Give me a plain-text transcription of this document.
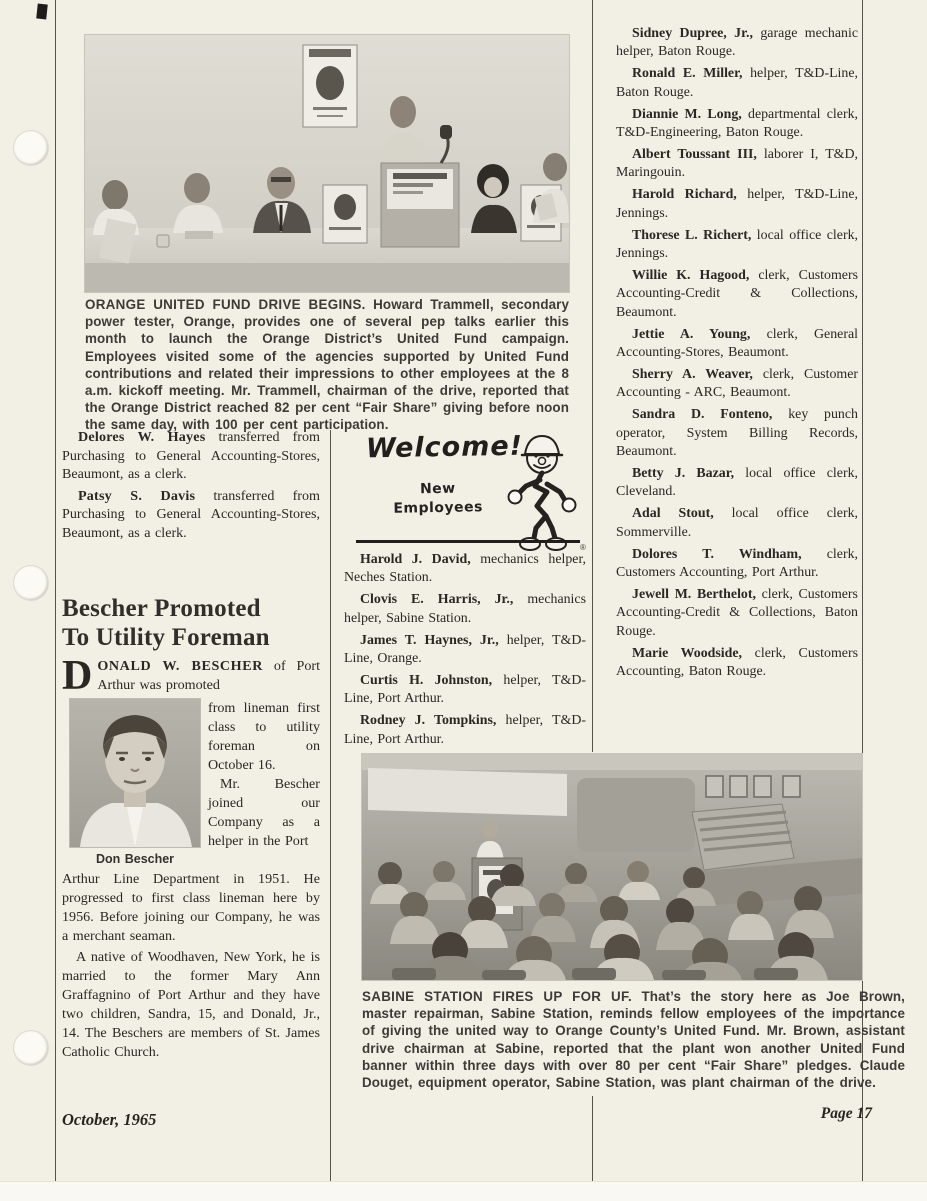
ORANGE UNITED FUND DRIVE BEGINS. Howard Trammell, secondary power tester, Orange, provides one of several pep talks earlier this month to launch the Orange District’s United Fund campaign. Employees visited some of the agencies supported by United Fund contributions and related their impressions to other employees at the 8 a.m. kickoff meeting. Mr. Trammell, chairman of the drive, reported that the Orange District reached 82 per cent “Fair Share” giving before noon the same day, with 100 per cent participation.

Delores W. Hayes transferred from Purchasing to General Accounting-Stores, Beaumont, as a clerk.

Patsy S. Davis transferred from Purchasing to General Accounting-Stores, Beaumont, as a clerk.

Bescher Promoted
To Utility Foreman
D ONALD W. BESCHER of Port Arthur was promoted
Don Bescher

from lineman first class to utility foreman on October 16.

Mr. Bescher joined our Company as a helper in the Port

Arthur Line Department in 1951. He progressed to first class lineman here by 1956. Before joining our Company, he was a merchant seaman.

A native of Woodhaven, New York, he is married to the former Mary Ann Graffagnino of Port Arthur and they have two children, Sandra, 15, and Donald, Jr., 14. The Beschers are members of St. James Catholic Church.

Welcome!
New
Employees
®

Harold J. David, mechanics helper, Neches Station.

Clovis E. Harris, Jr., mechanics helper, Sabine Station.

James T. Haynes, Jr., helper, T&D-Line, Orange.

Curtis H. Johnston, helper, T&D-Line, Port Arthur.

Rodney J. Tompkins, helper, T&D-Line, Port Arthur.

Sidney Dupree, Jr., garage mechanic helper, Baton Rouge.

Ronald E. Miller, helper, T&D-Line, Baton Rouge.

Diannie M. Long, departmental clerk, T&D-Engineering, Baton Rouge.

Albert Toussant III, laborer I, T&D, Maringouin.

Harold Richard, helper, T&D-Line, Jennings.

Thorese L. Richert, local office clerk, Jennings.

Willie K. Hagood, clerk, Customers Accounting-Credit & Collections, Beaumont.

Jettie A. Young, clerk, General Accounting-Stores, Beaumont.

Sherry A. Weaver, clerk, Customer Accounting - ARC, Beaumont.

Sandra D. Fonteno, key punch operator, System Billing Records, Beaumont.

Betty J. Bazar, local office clerk, Cleveland.

Adal Stout, local office clerk, Sommerville.

Dolores T. Windham, clerk, Customers Accounting, Port Arthur.

Jewell M. Berthelot, clerk, Customers Accounting-Credit & Collections, Baton Rouge.

Marie Woodside, clerk, Customers Accounting, Baton Rouge.

SABINE STATION FIRES UP FOR UF. That’s the story here as Joe Brown, master repairman, Sabine Station, reminds fellow employees of the importance of giving the united way to Orange County’s United Fund. Mr. Brown, assistant drive chairman at Sabine, reported that the plant won another United Fund banner within three days with over 80 per cent “Fair Share” pledges. Claude Douget, equipment operator, Sabine Station, was plant chairman of the drive.
October, 1965	Page 17
